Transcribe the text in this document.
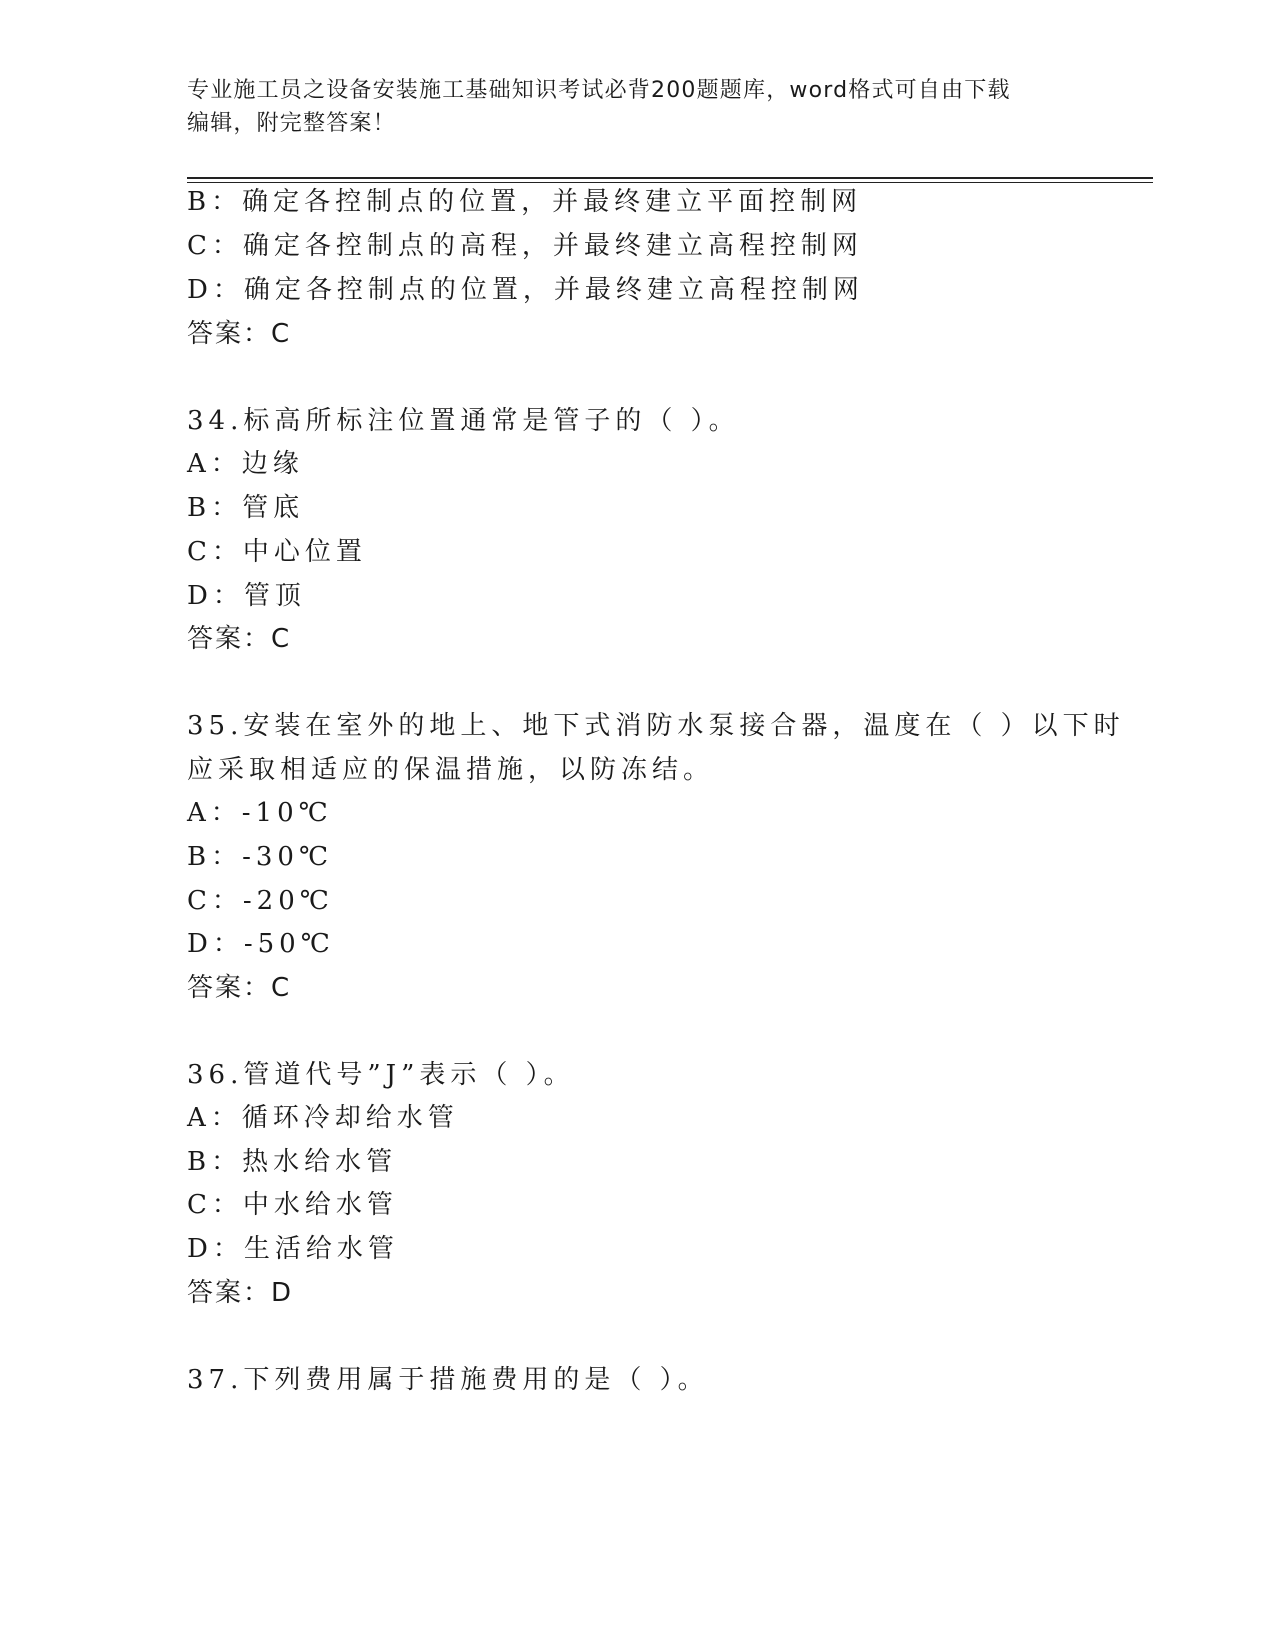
专业施工员之设备安装施工基础知识考试必背200题题库，word格式可自由下载
编辑，附完整答案！
B：确定各控制点的位置，并最终建立平面控制网
C：确定各控制点的高程，并最终建立高程控制网
D：确定各控制点的位置，并最终建立高程控制网
答案：C
34.标高所标注位置通常是管子的（ ）。
A：边缘
B：管底
C：中心位置
D：管顶
答案：C
35.安装在室外的地上、地下式消防水泵接合器，温度在（ ）以下时
应采取相适应的保温措施，以防冻结。
A：-10℃
B：-30℃
C：-20℃
D：-50℃
答案：C
36.管道代号”J”表示（ ）。
A：循环冷却给水管
B：热水给水管
C：中水给水管
D：生活给水管
答案：D
37.下列费用属于措施费用的是（ ）。
